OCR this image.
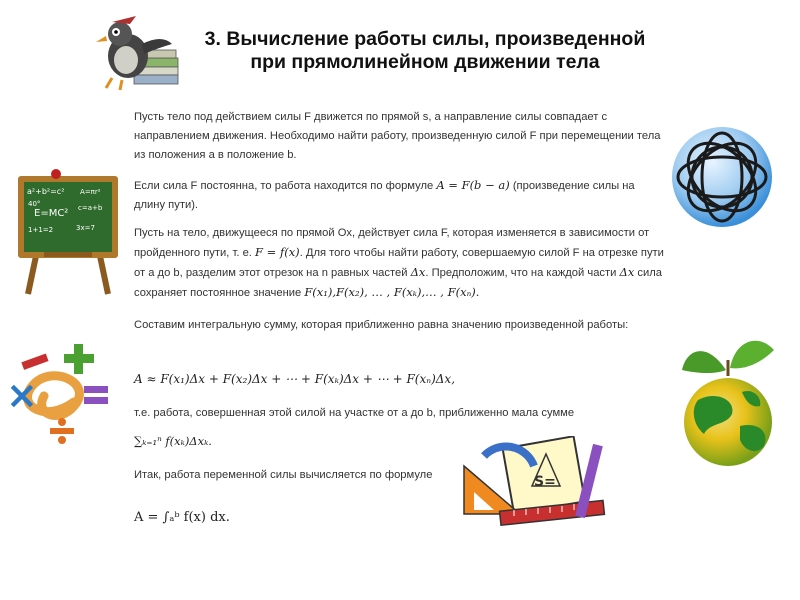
3. Вычисление работы силы, произведенной
при прямолинейном движении тела
a²+b²=c²
E=MC²
40°
A=πr²
c=a+b
1+1=2	3x=7
×
S=
Пусть тело под действием силы F движется по прямой s, а направление силы совпадает с направлением движения. Необходимо найти работу, произведенную силой F при перемещении тела из положения a в положение b.
Если сила F постоянна, то работа находится по формуле A = F(b − a) (произведение силы на длину пути).
Пусть на тело, движущееся по прямой Ox, действует сила F, которая изменяется в зависимости от пройденного пути, т. е. F = f(x). Для того чтобы найти работу, совершаемую силой F на отрезке пути от a до b, разделим этот отрезок на n равных частей Δx. Предположим, что на каждой части Δx сила сохраняет постоянное значение F(x₁),F(x₂), … , F(xₖ),… , F(xₙ).
Составим интегральную сумму, которая приближенно равна значению произведенной работы:
A ≈ F(x₁)Δx + F(x₂)Δx + ⋯ + F(xₖ)Δx + ⋯ + F(xₙ)Δx,
т.е. работа, совершенная этой силой на участке от a до b, приближенно мала сумме
∑ₖ₌₁ⁿ f(xₖ)Δxₖ.
Итак, работа переменной силы вычисляется по формуле
A = ∫ₐᵇ f(x) dx.
